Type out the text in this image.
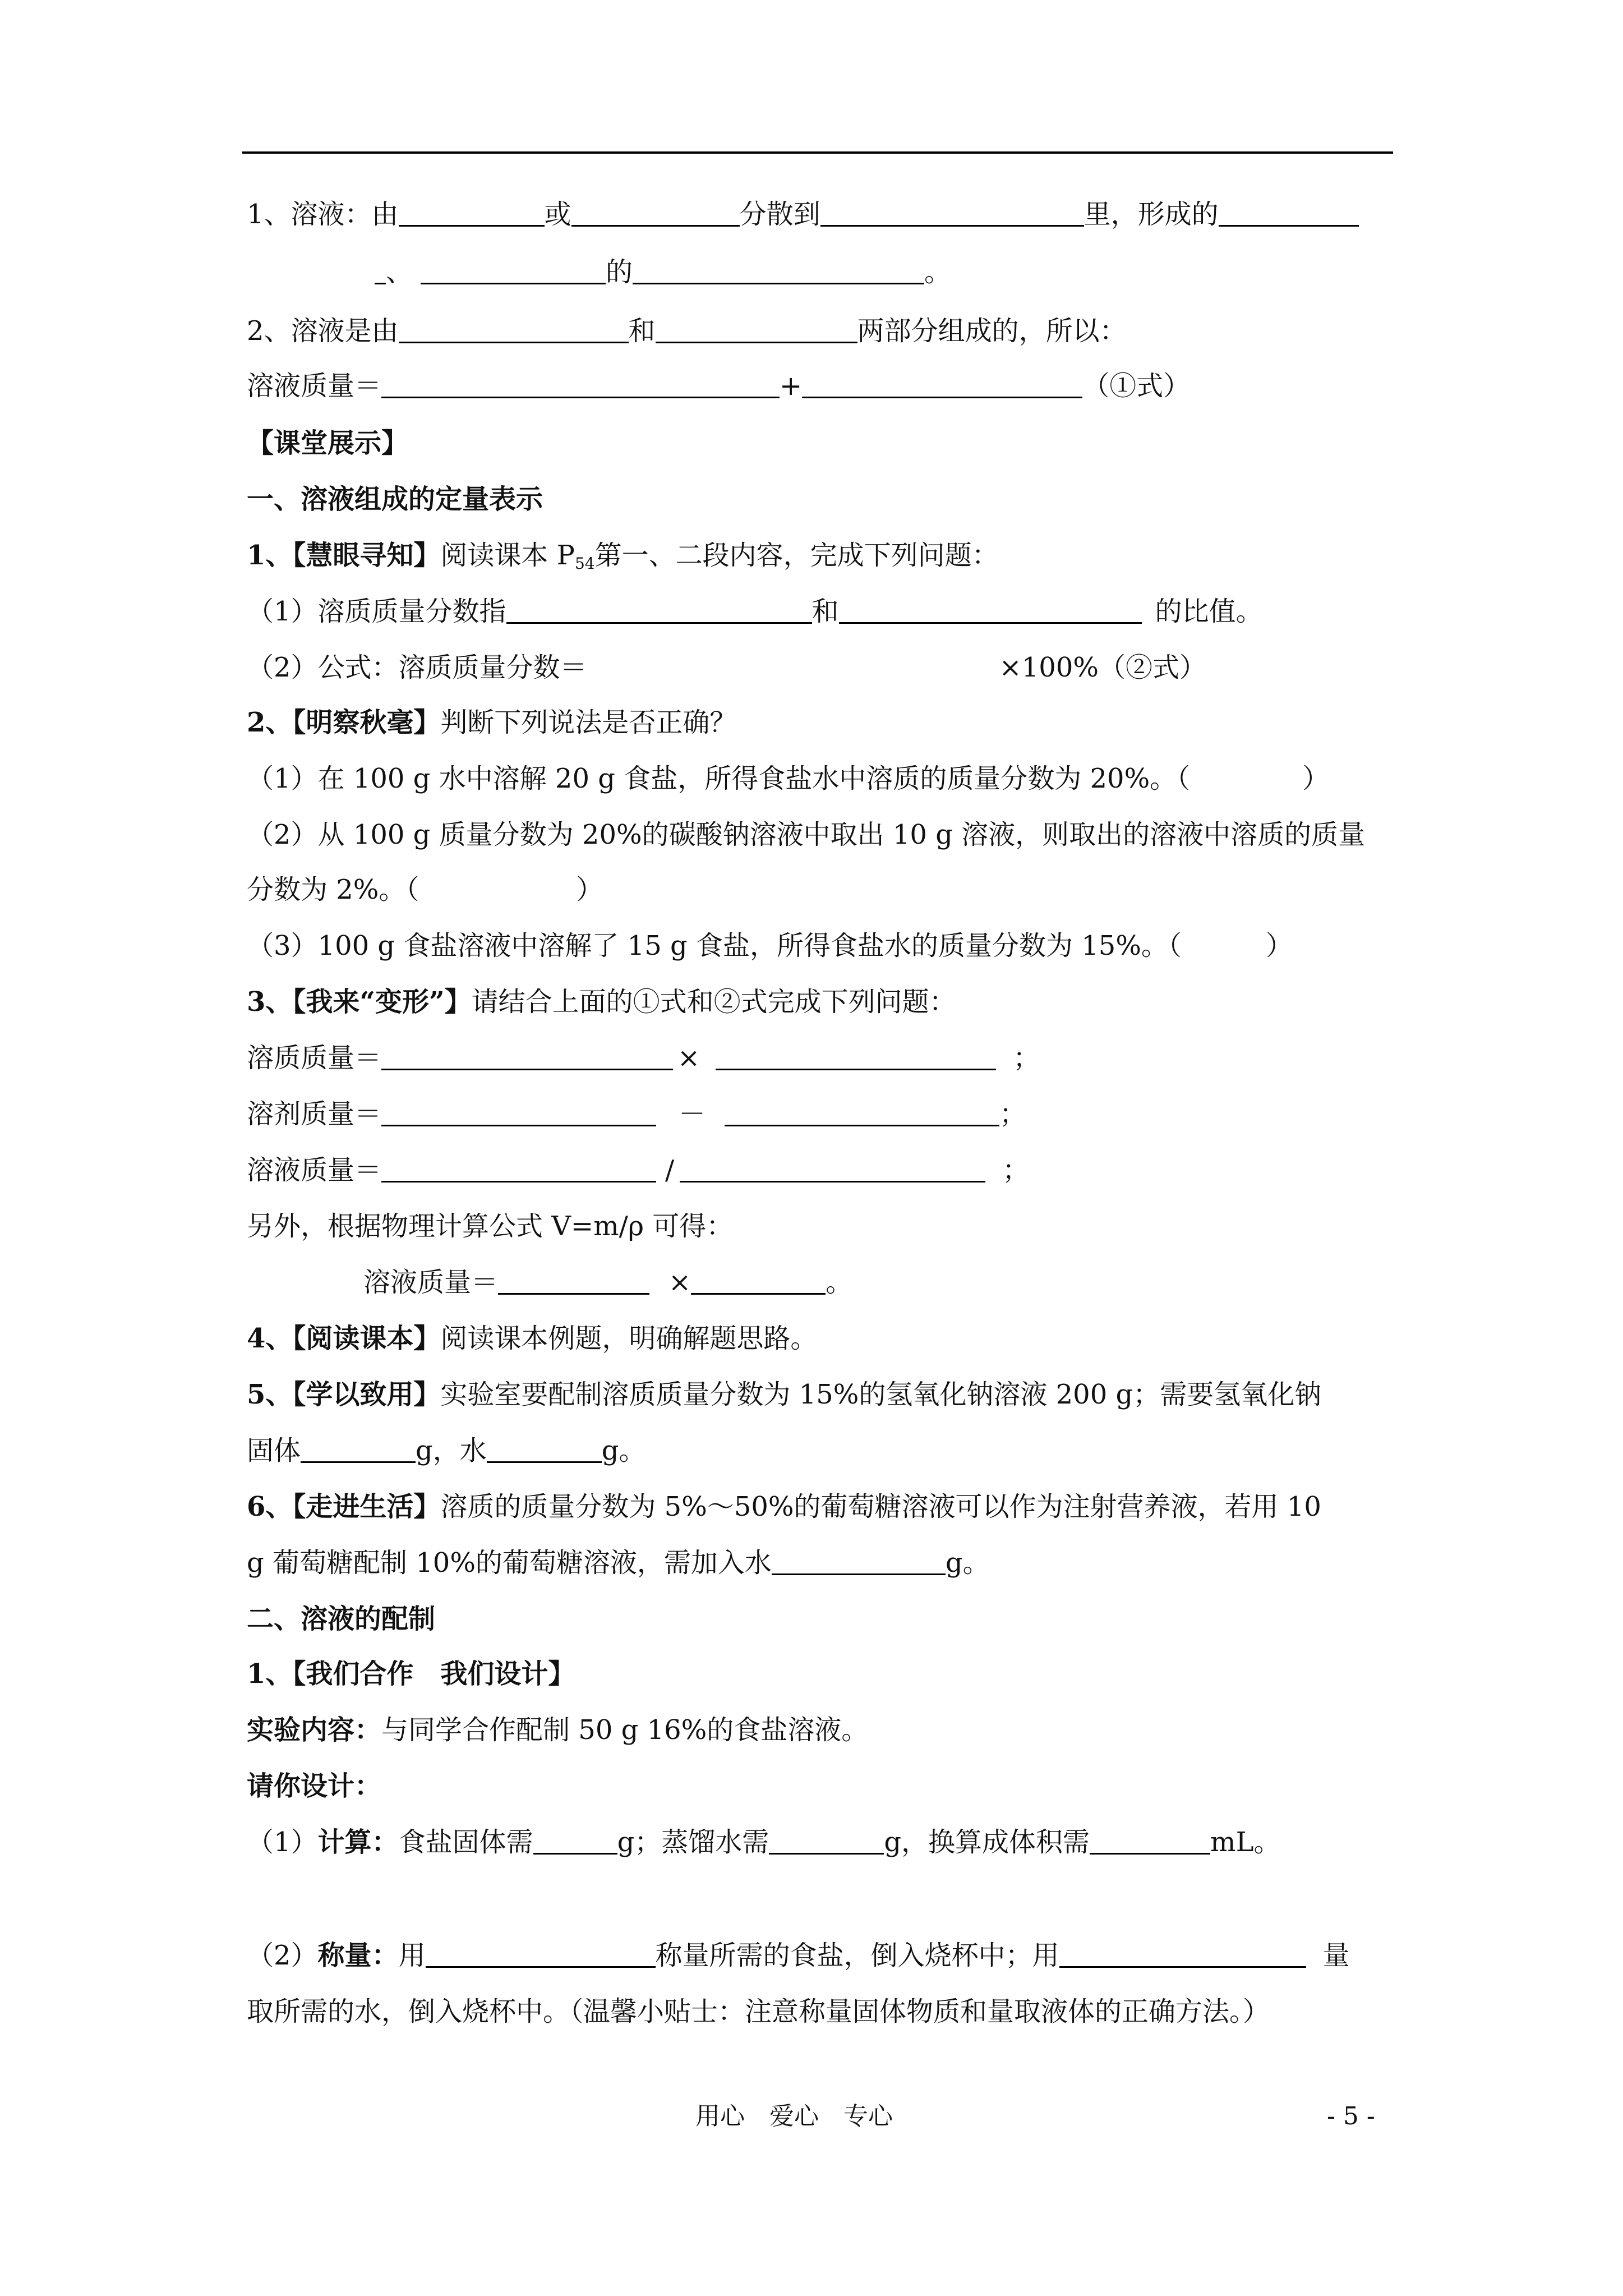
1、溶液：由	或	分散到	里，形成的
、	的	。
2、溶液是由	和	两部分组成的，所以：
溶液质量＝	+	（①式）
【课堂展示】
一、溶液组成的定量表示
1、【慧眼寻知】阅读课本 $P_{54}$第一、二段内容，完成下列问题：
（1）溶质质量分数指	和	的比值。
（2）公式：溶质质量分数＝	×100%（②式）
2、【明察秋毫】判断下列说法是否正确？
（1）在 100 g 水中溶解 20 g 食盐，所得食盐水中溶质的质量分数为 20%。（	）
（2）从 100 g 质量分数为 20%的碳酸钠溶液中取出 10 g 溶液，则取出的溶液中溶质的质量
分数为 2%。（	）
（3）100 g 食盐溶液中溶解了 15 g 食盐，所得食盐水的质量分数为 15%。（	）
3、【我来“变形”】请结合上面的①式和②式完成下列问题：
溶质质量＝	×	；
溶剂质量＝	－	；
溶液质量＝	/	；
另外，根据物理计算公式 V=m/ρ 可得：
溶液质量＝	×	。
4、【阅读课本】阅读课本例题，明确解题思路。
5、【学以致用】实验室要配制溶质质量分数为 15%的氢氧化钠溶液 200 g；需要氢氧化钠
固体	g，水	g。
6、【走进生活】溶质的质量分数为 5%～50%的葡萄糖溶液可以作为注射营养液，若用 10
g 葡萄糖配制 10%的葡萄糖溶液，需加入水	g。
二、溶液的配制
1、【我们合作　我们设计】
实验内容：与同学合作配制 50 g 16%的食盐溶液。
请你设计：
（1）计算：食盐固体需	g；蒸馏水需	g，换算成体积需	mL。
（2）称量：用	称量所需的食盐，倒入烧杯中；用	量
取所需的水，倒入烧杯中。（温馨小贴士：注意称量固体物质和量取液体的正确方法。）
用心　爱心　专心	- 5 -
